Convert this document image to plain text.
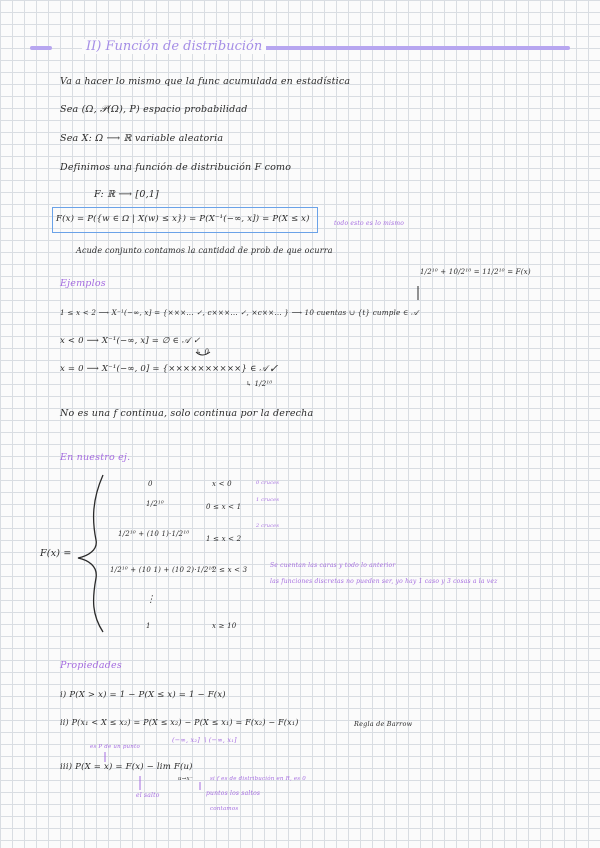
II) Función de distribución
Va a hacer lo mismo que la func acumulada en estadística
Sea (Ω, 𝒫(Ω), P) espacio probabilidad
Sea X: Ω ⟶ ℝ variable aleatoria
Definimos una función de distribución F como
F: ℝ ⟶ [0,1]
F(x) = P({w ∈ Ω | X(w) ≤ x}) = P(X⁻¹(−∞, x]) = P(X ≤ x)	todo esto es lo mismo
Acude conjunto contamos la cantidad de prob de que ocurra
1/2¹⁰ + 10/2¹⁰ = 11/2¹⁰ = F(x)
Ejemplos
1 ≤ x < 2 ⟶ X⁻¹(−∞, x] = {×××... ✓, c×××... ✓, ×c××... } ⟶ 10 cuentas ∪ {t} cumple ∈ 𝒜
x < 0 ⟶ X⁻¹(−∞, x] = ∅ ∈ 𝒜 ✓
↳ 0
x = 0 ⟶ X⁻¹(−∞, 0] = {××××××××××} ∈ 𝒜 ✓
↳ 1/2¹⁰
No es una f continua, solo continua por la derecha
En nuestro ej.
F(x) =
0	x < 0	0 cruces
1/2¹⁰	0 ≤ x < 1
1 cruces
1/2¹⁰ + (10 1)·1/2¹⁰
1 ≤ x < 2
2 cruces
1/2¹⁰ + (10 1) + (10 2)·1/2¹⁰
2 ≤ x < 3
⋮
1	x ≥ 10
Se cuentan las caras y todo lo anterior
las funciones discretas no pueden ser, yo hay 1 caso y 3 cosas a la vez
Propiedades
i) P(X > x) = 1 − P(X ≤ x) = 1 − F(x)
ii) P(x₁ < X ≤ x₂) = P(X ≤ x₂) − P(X ≤ x₁) = F(x₂) − F(x₁)	Regla de Barrow
(−∞, x₂] ∖ (−∞, x₁]
es P de un punto
iii) P(X = x) = F(x) − lim F(u)
u→x⁻	si f es de distribución en R, es 0
puntos los saltos
contamos
el salto
